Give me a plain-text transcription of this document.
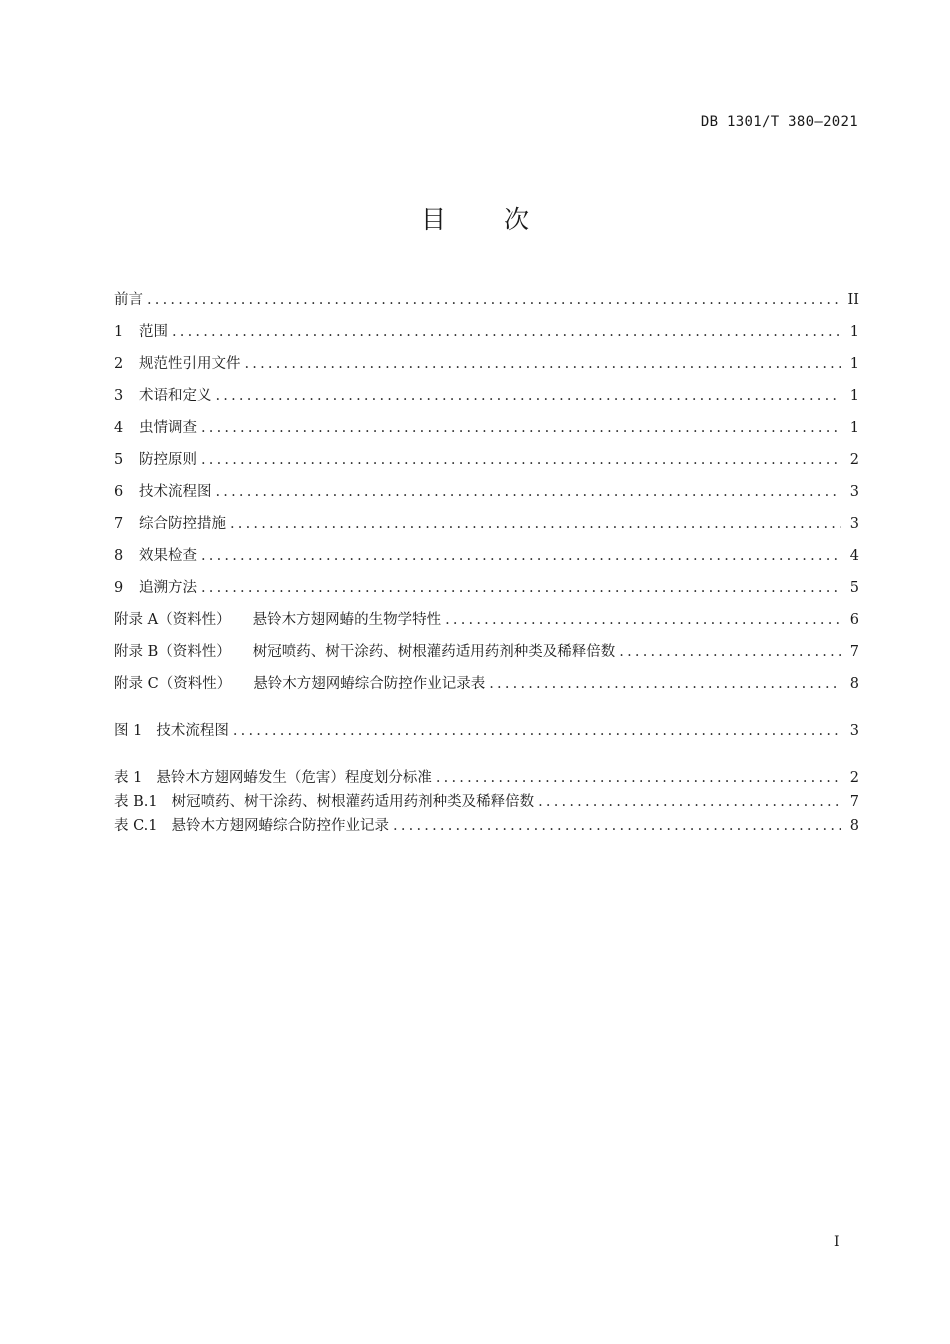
DB 1301/T 380—2021
目次
前言 .....	II
1	范围 .....	1
2	规范性引用文件 .....	1
3	术语和定义 .....	1
4	虫情调查 .....	1
5	防控原则 .....	2
6	技术流程图 .....	3
7	综合防控措施 .....	3
8	效果检查 .....	4
9	追溯方法 .....	5
附录 A（资料性） 悬铃木方翅网蝽的生物学特性 .....	6
附录 B（资料性） 树冠喷药、树干涂药、树根灌药适用药剂种类及稀释倍数 .....	7
附录 C（资料性） 悬铃木方翅网蝽综合防控作业记录表 .....	8
图 1 技术流程图 .....	3
表 1 悬铃木方翅网蝽发生（危害）程度划分标准 .....	2
表 B.1 树冠喷药、树干涂药、树根灌药适用药剂种类及稀释倍数 .....	7
表 C.1 悬铃木方翅网蝽综合防控作业记录 .....	8
I
